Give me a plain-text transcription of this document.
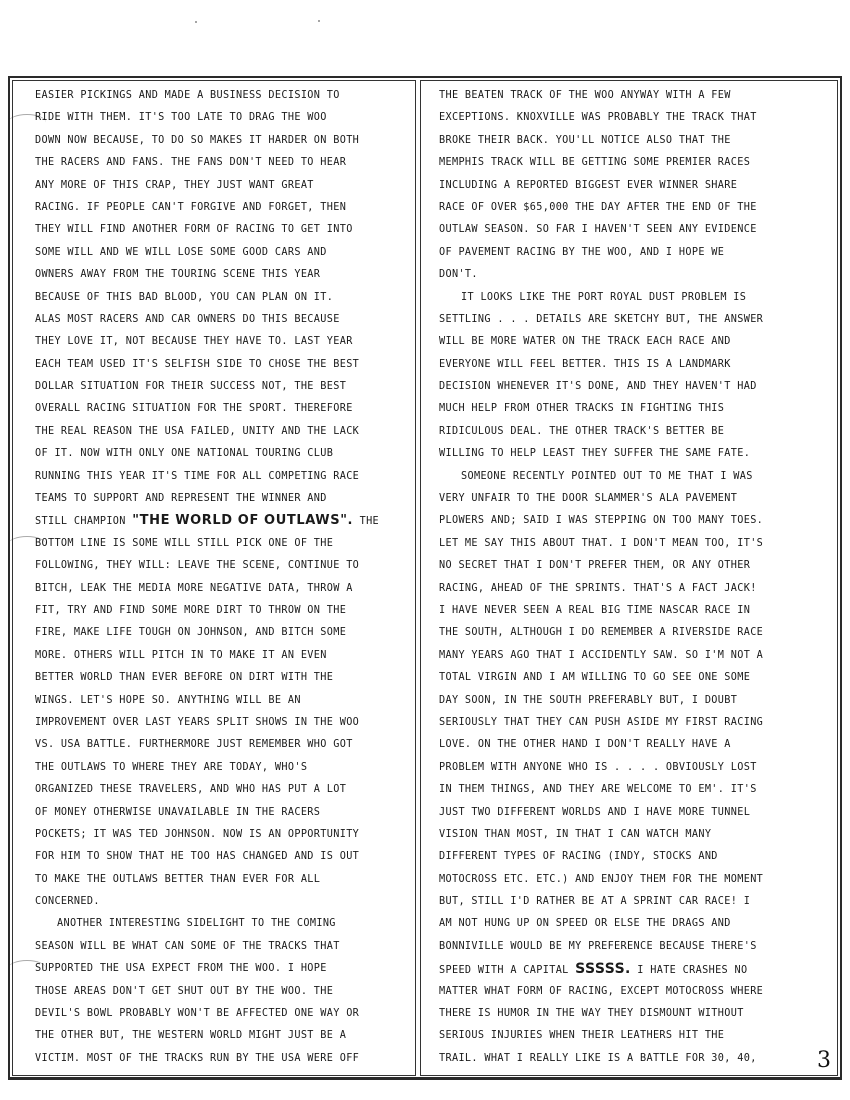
EASIER PICKINGS AND MADE A BUSINESS DECISION TO
RIDE WITH THEM. IT'S TOO LATE TO DRAG THE WOO
DOWN NOW BECAUSE, TO DO SO MAKES IT HARDER ON BOTH
THE RACERS AND FANS. THE FANS DON'T NEED TO HEAR
ANY MORE OF THIS CRAP, THEY JUST WANT GREAT
RACING. IF PEOPLE CAN'T FORGIVE AND FORGET, THEN
THEY WILL FIND ANOTHER FORM OF RACING TO GET INTO
SOME WILL AND WE WILL LOSE SOME GOOD CARS AND
OWNERS AWAY FROM THE TOURING SCENE THIS YEAR
BECAUSE OF THIS BAD BLOOD, YOU CAN PLAN ON IT.
ALAS MOST RACERS AND CAR OWNERS DO THIS BECAUSE
THEY LOVE IT, NOT BECAUSE THEY HAVE TO. LAST YEAR
EACH TEAM USED IT'S SELFISH SIDE TO CHOSE THE BEST
DOLLAR SITUATION FOR THEIR SUCCESS NOT, THE BEST
OVERALL RACING SITUATION FOR THE SPORT. THEREFORE
THE REAL REASON THE USA FAILED, UNITY AND THE LACK
OF IT. NOW WITH ONLY ONE NATIONAL TOURING CLUB
RUNNING THIS YEAR IT'S TIME FOR ALL COMPETING RACE
TEAMS TO SUPPORT AND REPRESENT THE WINNER AND
STILL CHAMPION "THE WORLD OF OUTLAWS". THE
BOTTOM LINE IS SOME WILL STILL PICK ONE OF THE
FOLLOWING, THEY WILL: LEAVE THE SCENE, CONTINUE TO
BITCH, LEAK THE MEDIA MORE NEGATIVE DATA, THROW A
FIT, TRY AND FIND SOME MORE DIRT TO THROW ON THE
FIRE, MAKE LIFE TOUGH ON JOHNSON, AND BITCH SOME
MORE. OTHERS WILL PITCH IN TO MAKE IT AN EVEN
BETTER WORLD THAN EVER BEFORE ON DIRT WITH THE
WINGS. LET'S HOPE SO. ANYTHING WILL BE AN
IMPROVEMENT OVER LAST YEARS SPLIT SHOWS IN THE WOO
VS. USA BATTLE. FURTHERMORE JUST REMEMBER WHO GOT
THE OUTLAWS TO WHERE THEY ARE TODAY, WHO'S
ORGANIZED THESE TRAVELERS, AND WHO HAS PUT A LOT
OF MONEY OTHERWISE UNAVAILABLE IN THE RACERS
POCKETS; IT WAS TED JOHNSON. NOW IS AN OPPORTUNITY
FOR HIM TO SHOW THAT HE TOO HAS CHANGED AND IS OUT
TO MAKE THE OUTLAWS BETTER THAN EVER FOR ALL
CONCERNED.
ANOTHER INTERESTING SIDELIGHT TO THE COMING
SEASON WILL BE WHAT CAN SOME OF THE TRACKS THAT
SUPPORTED THE USA EXPECT FROM THE WOO. I HOPE
THOSE AREAS DON'T GET SHUT OUT BY THE WOO. THE
DEVIL'S BOWL PROBABLY WON'T BE AFFECTED ONE WAY OR
THE OTHER BUT, THE WESTERN WORLD MIGHT JUST BE A
VICTIM. MOST OF THE TRACKS RUN BY THE USA WERE OFF
THE BEATEN TRACK OF THE WOO ANYWAY WITH A FEW
EXCEPTIONS. KNOXVILLE WAS PROBABLY THE TRACK THAT
BROKE THEIR BACK. YOU'LL NOTICE ALSO THAT THE
MEMPHIS TRACK WILL BE GETTING SOME PREMIER RACES
INCLUDING A REPORTED BIGGEST EVER WINNER SHARE
RACE OF OVER $65,000 THE DAY AFTER THE END OF THE
OUTLAW SEASON. SO FAR I HAVEN'T SEEN ANY EVIDENCE
OF PAVEMENT RACING BY THE WOO, AND I HOPE WE
DON'T.
IT LOOKS LIKE THE PORT ROYAL DUST PROBLEM IS
SETTLING . . . DETAILS ARE SKETCHY BUT, THE ANSWER
WILL BE MORE WATER ON THE TRACK EACH RACE AND
EVERYONE WILL FEEL BETTER. THIS IS A LANDMARK
DECISION WHENEVER IT'S DONE, AND THEY HAVEN'T HAD
MUCH HELP FROM OTHER TRACKS IN FIGHTING THIS
RIDICULOUS DEAL. THE OTHER TRACK'S BETTER BE
WILLING TO HELP LEAST THEY SUFFER THE SAME FATE.
SOMEONE RECENTLY POINTED OUT TO ME THAT I WAS
VERY UNFAIR TO THE DOOR SLAMMER'S ALA PAVEMENT
PLOWERS AND; SAID I WAS STEPPING ON TOO MANY TOES.
LET ME SAY THIS ABOUT THAT. I DON'T MEAN TOO, IT'S
NO SECRET THAT I DON'T PREFER THEM, OR ANY OTHER
RACING, AHEAD OF THE SPRINTS. THAT'S A FACT JACK!
I HAVE NEVER SEEN A REAL BIG TIME NASCAR RACE IN
THE SOUTH, ALTHOUGH I DO REMEMBER A RIVERSIDE RACE
MANY YEARS AGO THAT I ACCIDENTLY SAW. SO I'M NOT A
TOTAL VIRGIN AND I AM WILLING TO GO SEE ONE SOME
DAY SOON, IN THE SOUTH PREFERABLY BUT, I DOUBT
SERIOUSLY THAT THEY CAN PUSH ASIDE MY FIRST RACING
LOVE. ON THE OTHER HAND I DON'T REALLY HAVE A
PROBLEM WITH ANYONE WHO IS . . . . OBVIOUSLY LOST
IN THEM THINGS, AND THEY ARE WELCOME TO EM'. IT'S
JUST TWO DIFFERENT WORLDS AND I HAVE MORE TUNNEL
VISION THAN MOST, IN THAT I CAN WATCH MANY
DIFFERENT TYPES OF RACING (INDY, STOCKS AND
MOTOCROSS ETC. ETC.) AND ENJOY THEM FOR THE MOMENT
BUT, STILL I'D RATHER BE AT A SPRINT CAR RACE! I
AM NOT HUNG UP ON SPEED OR ELSE THE DRAGS AND
BONNIVILLE WOULD BE MY PREFERENCE BECAUSE THERE'S
SPEED WITH A CAPITAL SSSSS. I HATE CRASHES NO
MATTER WHAT FORM OF RACING, EXCEPT MOTOCROSS WHERE
THERE IS HUMOR IN THE WAY THEY DISMOUNT WITHOUT
SERIOUS INJURIES WHEN THEIR LEATHERS HIT THE
TRAIL. WHAT I REALLY LIKE IS A BATTLE FOR 30, 40,	3
